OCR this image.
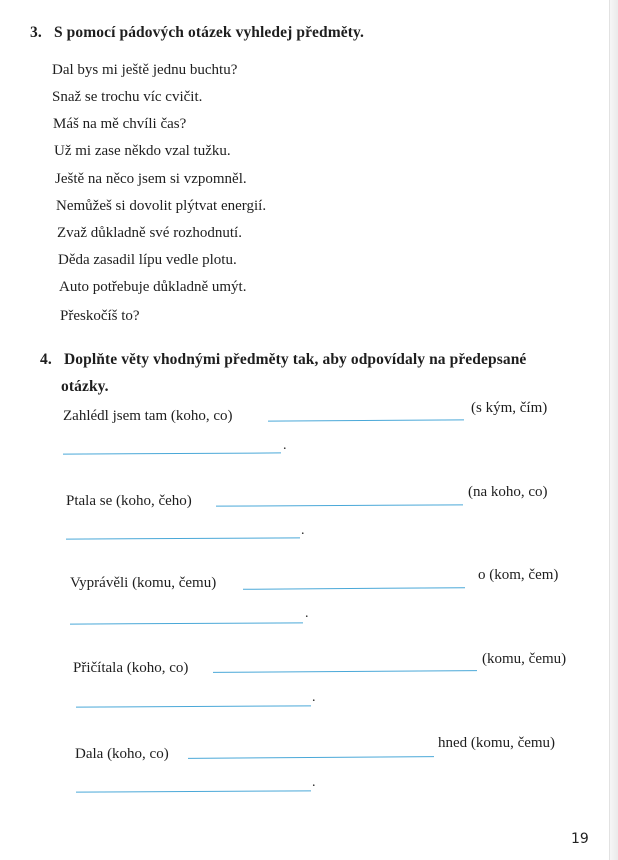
3. S pomocí pádových otázek vyhledej předměty.
Dal bys mi ještě jednu buchtu?
Snaž se trochu víc cvičit.
Máš na mě chvíli čas?
Už mi zase někdo vzal tužku.
Ještě na něco jsem si vzpomněl.
Nemůžeš si dovolit plýtvat energií.
Zvaž důkladně své rozhodnutí.
Děda zasadil lípu vedle plotu.
Auto potřebuje důkladně umýt.
Přeskočíš to?
4. Doplňte věty vhodnými předměty tak, aby odpovídaly na předepsané
otázky.
Zahlédl jsem tam (koho, co)	(s kým, čím)
.
Ptala se (koho, čeho)
(na koho, co)
.
Vyprávěli (komu, čemu)	o (kom, čem)
.
Přičítala (koho, co)
(komu, čemu)
.
Dala (koho, co)
hned (komu, čemu)
.
19
